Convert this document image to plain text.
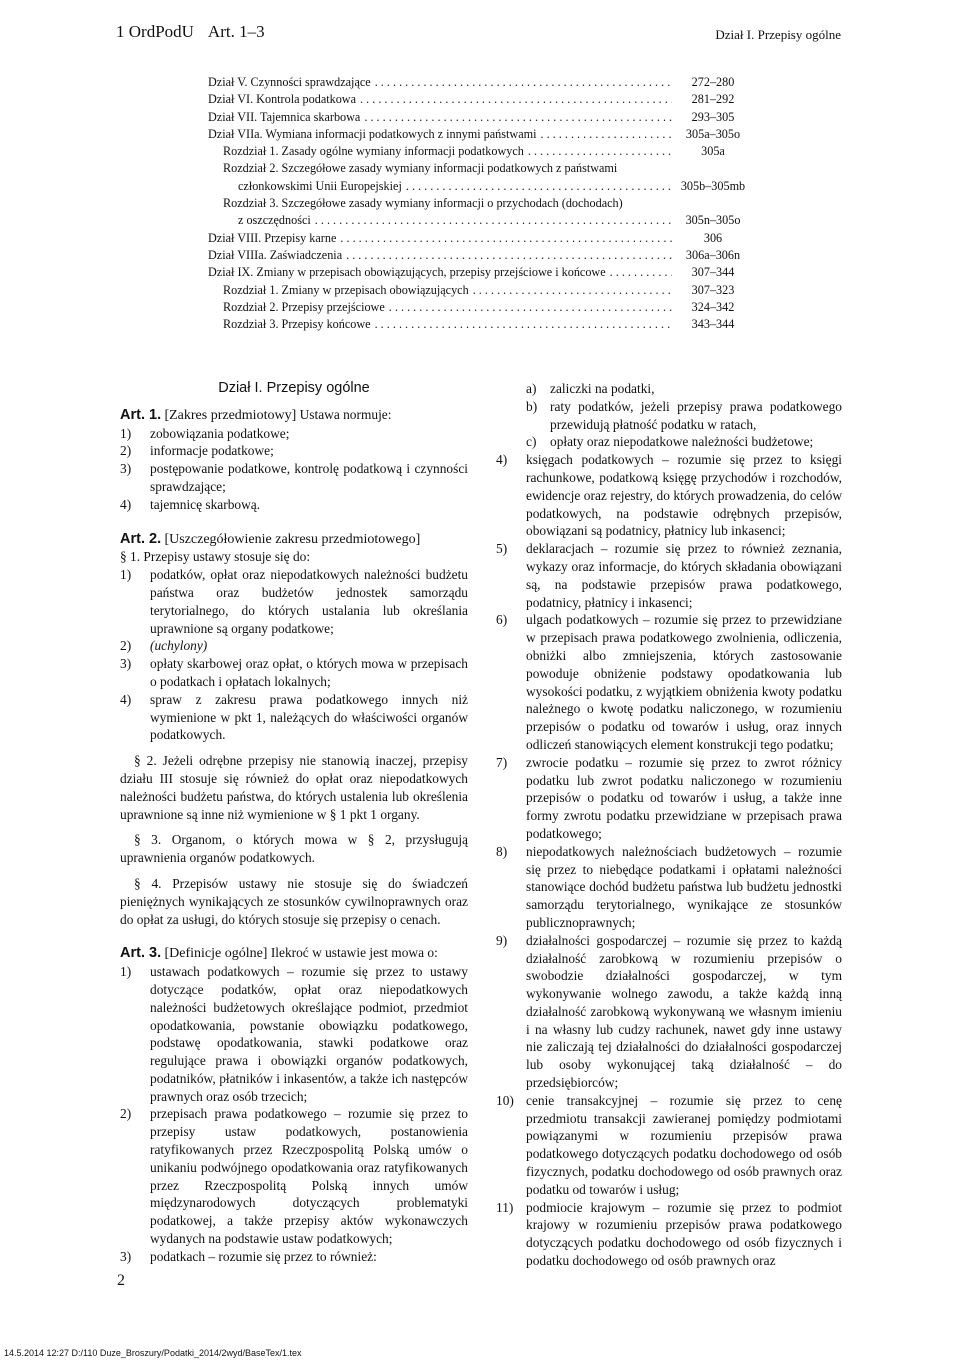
1 OrdPodU Art. 1–3	Dział I. Przepisy ogólne
Dział V. Czynności sprawdzające . . .	272–280
Dział VI. Kontrola podatkowa . . .	281–292
Dział VII. Tajemnica skarbowa . . .	293–305
Dział VIIa. Wymiana informacji podatkowych z innymi państwami . . .	305a–305o
Rozdział 1. Zasady ogólne wymiany informacji podatkowych . . .	305a
Rozdział 2. Szczegółowe zasady wymiany informacji podatkowych z państwami
członkowskimi Unii Europejskiej . . .	305b–305mb
Rozdział 3. Szczegółowe zasady wymiany informacji o przychodach (dochodach)
z oszczędności . . .	305n–305o
Dział VIII. Przepisy karne . . .	306
Dział VIIIa. Zaświadczenia . . .	306a–306n
Dział IX. Zmiany w przepisach obowiązujących, przepisy przejściowe i końcowe . . .	307–344
Rozdział 1. Zmiany w przepisach obowiązujących . . .	307–323
Rozdział 2. Przepisy przejściowe . . .	324–342
Rozdział 3. Przepisy końcowe . . .	343–344
Dział I. Przepisy ogólne
Art. 1. [Zakres przedmiotowy] Ustawa normuje:
1)	zobowiązania podatkowe;
2)	informacje podatkowe;
3)	postępowanie podatkowe, kontrolę podatkową i czynności sprawdzające;
4)	tajemnicę skarbową.
Art. 2. [Uszczegółowienie zakresu przedmiotowego]
§ 1. Przepisy ustawy stosuje się do:
1)	podatków, opłat oraz niepodatkowych należności budżetu państwa oraz budżetów jednostek samorządu terytorialnego, do których ustalania lub określania uprawnione są organy podatkowe;
2)	(uchylony)
3)	opłaty skarbowej oraz opłat, o których mowa w przepisach o podatkach i opłatach lokalnych;
4)	spraw z zakresu prawa podatkowego innych niż wymienione w pkt 1, należących do właściwości organów podatkowych.
§ 2. Jeżeli odrębne przepisy nie stanowią inaczej, przepisy działu III stosuje się również do opłat oraz niepodatkowych należności budżetu państwa, do których ustalenia lub określenia uprawnione są inne niż wymienione w § 1 pkt 1 organy.
§ 3. Organom, o których mowa w § 2, przysługują uprawnienia organów podatkowych.
§ 4. Przepisów ustawy nie stosuje się do świadczeń pieniężnych wynikających ze stosunków cywilnoprawnych oraz do opłat za usługi, do których stosuje się przepisy o cenach.
Art. 3. [Definicje ogólne] Ilekroć w ustawie jest mowa o:
1)	ustawach podatkowych – rozumie się przez to ustawy dotyczące podatków, opłat oraz niepodatkowych należności budżetowych określające podmiot, przedmiot opodatkowania, powstanie obowiązku podatkowego, podstawę opodatkowania, stawki podatkowe oraz regulujące prawa i obowiązki organów podatkowych, podatników, płatników i inkasentów, a także ich następców prawnych oraz osób trzecich;
2)	przepisach prawa podatkowego – rozumie się przez to przepisy ustaw podatkowych, postanowienia ratyfikowanych przez Rzeczpospolitą Polską umów o unikaniu podwójnego opodatkowania oraz ratyfikowanych przez Rzeczpospolitą Polską innych umów międzynarodowych dotyczących problematyki podatkowej, a także przepisy aktów wykonawczych wydanych na podstawie ustaw podatkowych;
3)	podatkach – rozumie się przez to również:
a)	zaliczki na podatki,
b) raty podatków, jeżeli przepisy prawa podatkowego przewidują płatność podatku w ratach,
c)	opłaty oraz niepodatkowe należności budżetowe;
4)	księgach podatkowych – rozumie się przez to księgi rachunkowe, podatkową księgę przychodów i rozchodów, ewidencje oraz rejestry, do których prowadzenia, do celów podatkowych, na podstawie odrębnych przepisów, obowiązani są podatnicy, płatnicy lub inkasenci;
5)	deklaracjach – rozumie się przez to również zeznania, wykazy oraz informacje, do których składania obowiązani są, na podstawie przepisów prawa podatkowego, podatnicy, płatnicy i inkasenci;
6)	ulgach podatkowych – rozumie się przez to przewidziane w przepisach prawa podatkowego zwolnienia, odliczenia, obniżki albo zmniejszenia, których zastosowanie powoduje obniżenie podstawy opodatkowania lub wysokości podatku, z wyjątkiem obniżenia kwoty podatku należnego o kwotę podatku naliczonego, w rozumieniu przepisów o podatku od towarów i usług, oraz innych odliczeń stanowiących element konstrukcji tego podatku;
7)	zwrocie podatku – rozumie się przez to zwrot różnicy podatku lub zwrot podatku naliczonego w rozumieniu przepisów o podatku od towarów i usług, a także inne formy zwrotu podatku przewidziane w przepisach prawa podatkowego;
8)	niepodatkowych należnościach budżetowych – rozumie się przez to niebędące podatkami i opłatami należności stanowiące dochód budżetu państwa lub budżetu jednostki samorządu terytorialnego, wynikające ze stosunków publicznoprawnych;
9)	działalności gospodarczej – rozumie się przez to każdą działalność zarobkową w rozumieniu przepisów o swobodzie działalności gospodarczej, w tym wykonywanie wolnego zawodu, a także każdą inną działalność zarobkową wykonywaną we własnym imieniu i na własny lub cudzy rachunek, nawet gdy inne ustawy nie zaliczają tej działalności do działalności gospodarczej lub osoby wykonującej taką działalność – do przedsiębiorców;
10) cenie transakcyjnej – rozumie się przez to cenę przedmiotu transakcji zawieranej pomiędzy podmiotami powiązanymi w rozumieniu przepisów prawa podatkowego dotyczących podatku dochodowego od osób fizycznych, podatku dochodowego od osób prawnych oraz podatku od towarów i usług;
11) podmiocie krajowym – rozumie się przez to podmiot krajowy w rozumieniu przepisów prawa podatkowego dotyczących podatku dochodowego od osób fizycznych i podatku dochodowego od osób prawnych oraz
2
14.5.2014 12:27 D:/110 Duze_Broszury/Podatki_2014/2wyd/BaseTex/1.tex
